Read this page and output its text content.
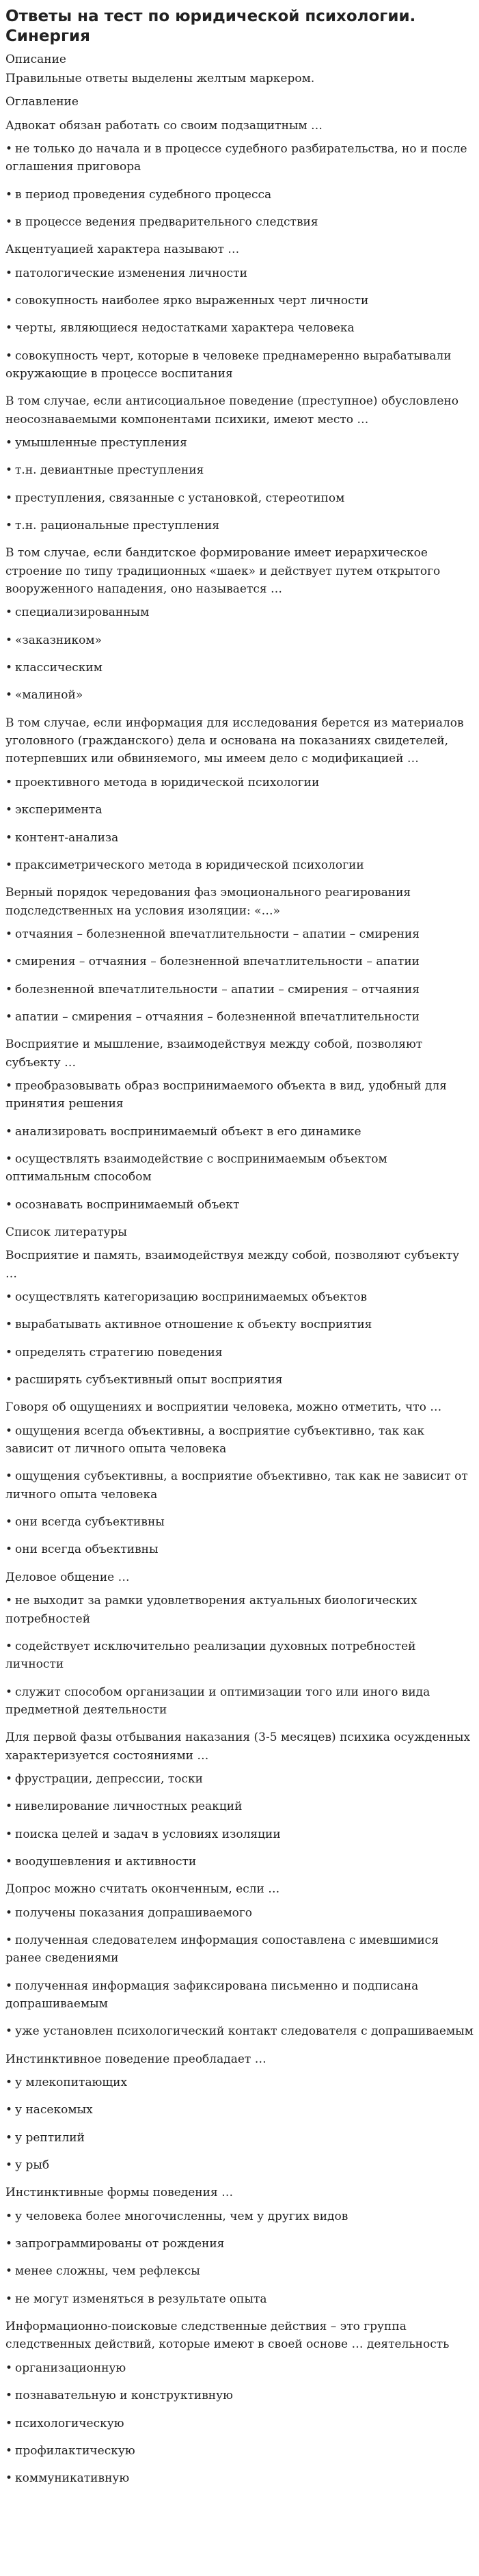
Ответы на тест по юридической психологии. Синергия
Описание
Правильные ответы выделены желтым маркером.
Оглавление
Адвокат обязан работать со своим подзащитным …
• не только до начала и в процессе судебного разбирательства, но и после оглашения приговора
• в период проведения судебного процесса
• в процессе ведения предварительного следствия
Акцентуацией характера называют …
• патологические изменения личности
• совокупность наиболее ярко выраженных черт личности
• черты, являющиеся недостатками характера человека
• совокупность черт, которые в человеке преднамеренно вырабатывали окружающие в процессе воспитания
В том случае, если антисоциальное поведение (преступное) обусловлено неосознаваемыми компонентами психики, имеют место …
• умышленные преступления
• т.н. девиантные преступления
• преступления, связанные с установкой, стереотипом
• т.н. рациональные преступления
В том случае, если бандитское формирование имеет иерархическое строение по типу традиционных «шаек» и действует путем открытого вооруженного нападения, оно называется …
• специализированным
• «заказником»
• классическим
• «малиной»
В том случае, если информация для исследования берется из материалов уголовного (гражданского) дела и основана на показаниях свидетелей, потерпевших или обвиняемого, мы имеем дело с модификацией …
• проективного метода в юридической психологии
• эксперимента
• контент-анализа
• праксиметрического метода в юридической психологии
Верный порядок чередования фаз эмоционального реагирования подследственных на условия изоляции: «…»
• отчаяния – болезненной впечатлительности – апатии – смирения
• смирения – отчаяния – болезненной впечатлительности – апатии
• болезненной впечатлительности – апатии – смирения – отчаяния
• апатии – смирения – отчаяния – болезненной впечатлительности
Восприятие и мышление, взаимодействуя между собой, позволяют субъекту …
• преобразовывать образ воспринимаемого объекта в вид, удобный для принятия решения
• анализировать воспринимаемый объект в его динамике
• осуществлять взаимодействие с воспринимаемым объектом оптимальным способом
• осознавать воспринимаемый объект
Список литературы
Восприятие и память, взаимодействуя между собой, позволяют субъекту …
• осуществлять категоризацию воспринимаемых объектов
• вырабатывать активное отношение к объекту восприятия
• определять стратегию поведения
• расширять субъективный опыт восприятия
Говоря об ощущениях и восприятии человека, можно отметить, что …
• ощущения всегда объективны, а восприятие субъективно, так как зависит от личного опыта человека
• ощущения субъективны, а восприятие объективно, так как не зависит от личного опыта человека
• они всегда субъективны
• они всегда объективны
Деловое общение …
• не выходит за рамки удовлетворения актуальных биологических потребностей
• содействует исключительно реализации духовных потребностей личности
• служит способом организации и оптимизации того или иного вида предметной деятельности
Для первой фазы отбывания наказания (3-5 месяцев) психика осужденных характеризуется состояниями …
• фрустрации, депрессии, тоски
• нивелирование личностных реакций
• поиска целей и задач в условиях изоляции
• воодушевления и активности
Допрос можно считать оконченным, если …
• получены показания допрашиваемого
• полученная следователем информация сопоставлена с имевшимися ранее сведениями
• полученная информация зафиксирована письменно и подписана допрашиваемым
• уже установлен психологический контакт следователя с допрашиваемым
Инстинктивное поведение преобладает …
• у млекопитающих
• у насекомых
• у рептилий
• у рыб
Инстинктивные формы поведения …
• у человека более многочисленны, чем у других видов
• запрограммированы от рождения
• менее сложны, чем рефлексы
• не могут изменяться в результате опыта
Информационно-поисковые следственные действия – это группа следственных действий, которые имеют в своей основе … деятельность
• организационную
• познавательную и конструктивную
• психологическую
• профилактическую
• коммуникативную
